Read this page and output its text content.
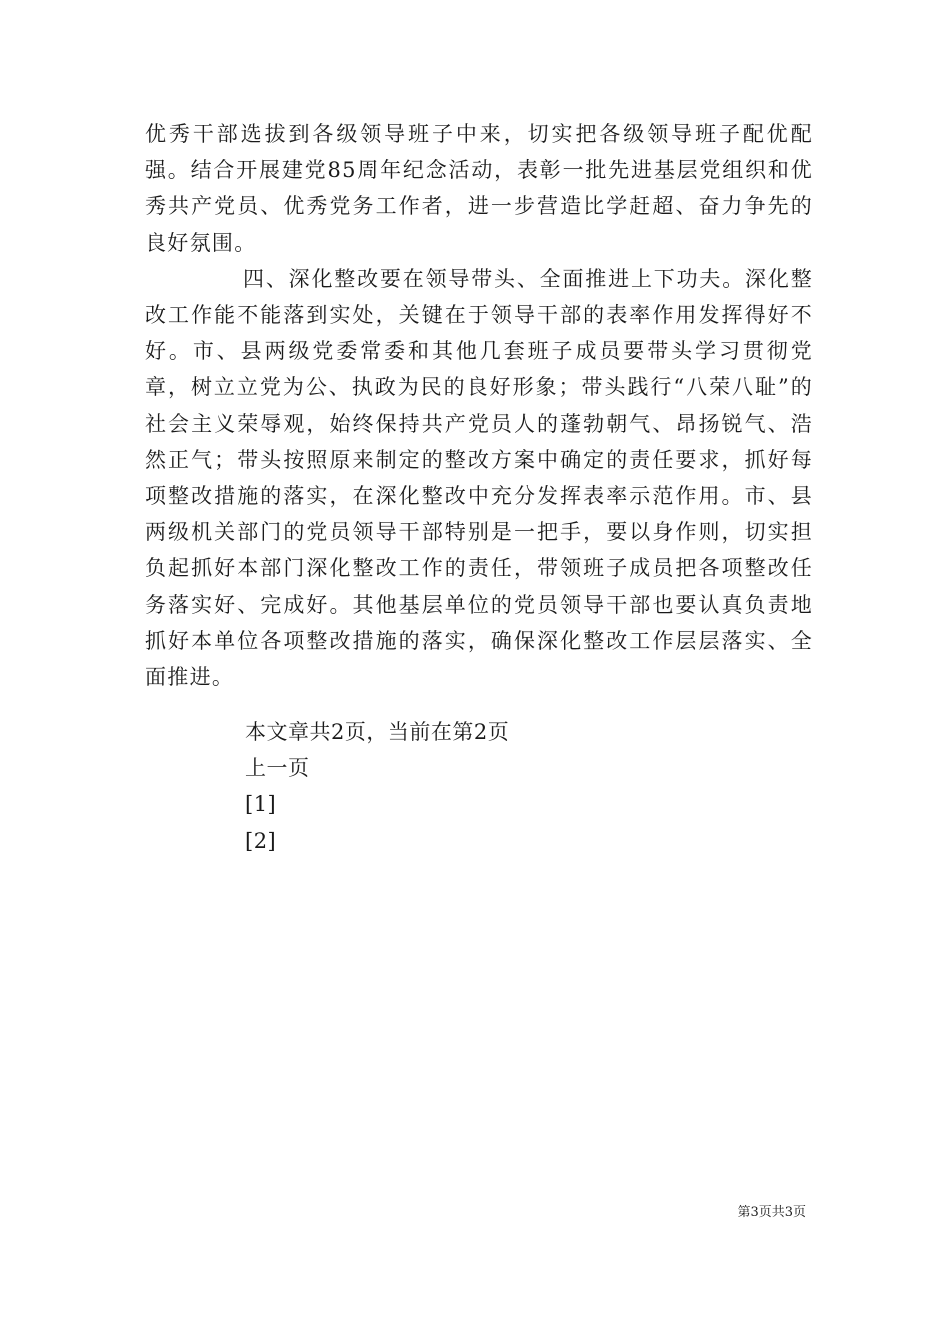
优秀干部选拔到各级领导班子中来，切实把各级领导班子配优配强。结合开展建党85周年纪念活动，表彰一批先进基层党组织和优秀共产党员、优秀党务工作者，进一步营造比学赶超、奋力争先的良好氛围。

四、深化整改要在领导带头、全面推进上下功夫。深化整改工作能不能落到实处，关键在于领导干部的表率作用发挥得好不好。市、县两级党委常委和其他几套班子成员要带头学习贯彻党章，树立立党为公、执政为民的良好形象；带头践行“八荣八耻”的社会主义荣辱观，始终保持共产党员人的蓬勃朝气、昂扬锐气、浩然正气；带头按照原来制定的整改方案中确定的责任要求，抓好每项整改措施的落实，在深化整改中充分发挥表率示范作用。市、县两级机关部门的党员领导干部特别是一把手，要以身作则，切实担负起抓好本部门深化整改工作的责任，带领班子成员把各项整改任务落实好、完成好。其他基层单位的党员领导干部也要认真负责地抓好本单位各项整改措施的落实，确保深化整改工作层层落实、全面推进。

本文章共2页，当前在第2页
上一页
[1]
[2]
第3页共3页
